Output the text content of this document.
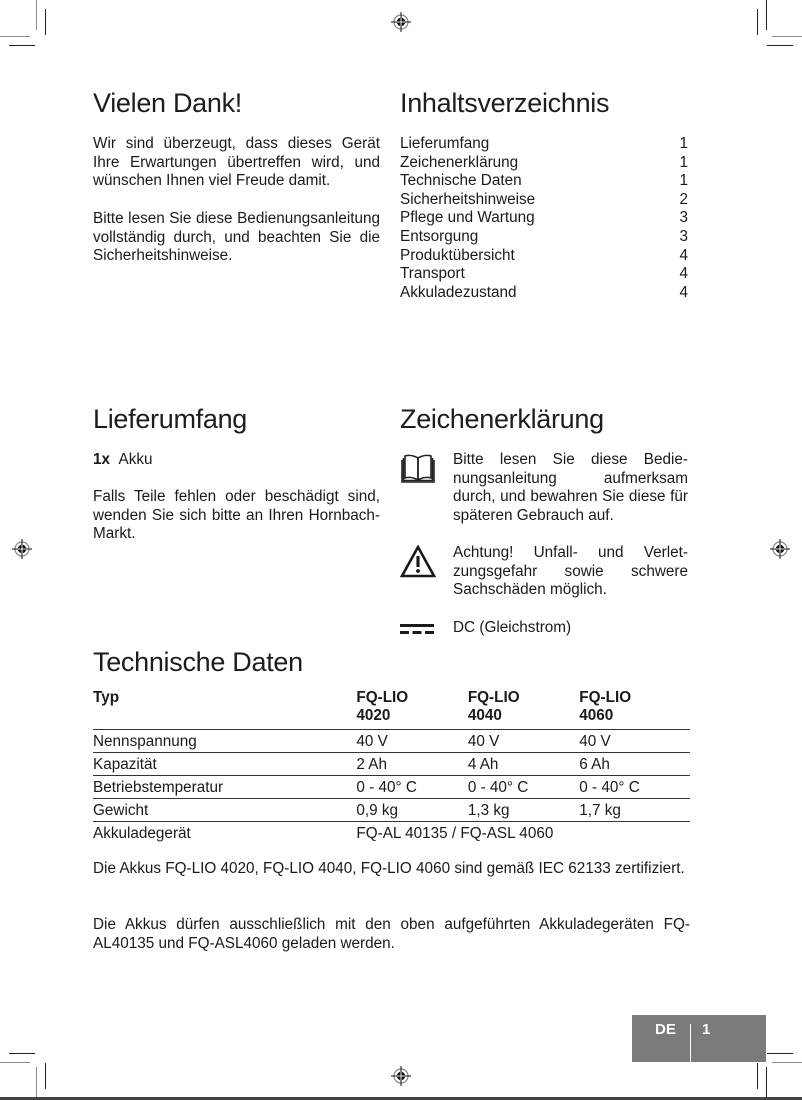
Vielen Dank!

Wir sind überzeugt, dass dieses Gerät Ihre Erwartungen übertreffen wird, und wünschen Ihnen viel Freude damit.

Bitte lesen Sie diese Bedienungsanleitung vollständig durch, und beachten Sie die Sicherheitshinweise.

Inhaltsverzeichnis
Lieferumfang	1
Zeichenerklärung	1
Technische Daten	1
Sicherheitshinweise	2
Pflege und Wartung	3
Entsorgung	3
Produktübersicht	4
Transport	4
Akkuladezustand	4
Lieferumfang
1x Akku

Falls Teile fehlen oder beschädigt sind, wenden Sie sich bitte an Ihren Hornbach-Markt.

Zeichenerklärung
Bitte lesen Sie diese Bedienungsanleitung aufmerksam durch, und bewahren Sie diese für späteren Gebrauch auf.
Achtung! Unfall- und Verletzungsgefahr sowie schwere Sachschäden möglich.
DC (Gleichstrom)
Technische Daten
Typ	FQ-LIO 4020	FQ-LIO 4040	FQ-LIO 4060
Nennspannung	40 V	40 V	40 V
Kapazität	2 Ah	4 Ah	6 Ah
Betriebstemperatur	0 - 40° C	0 - 40° C	0 - 40° C
Gewicht	0,9 kg	1,3 kg	1,7 kg
Akkuladegerät	FQ-AL 40135 / FQ-ASL 4060		

Die Akkus FQ-LIO 4020, FQ-LIO 4040, FQ-LIO 4060 sind gemäß IEC 62133 zertifiziert.

Die Akkus dürfen ausschließlich mit den oben aufgeführten Akkuladegeräten FQ-AL40135 und FQ-ASL4060 geladen werden.

DE 1
